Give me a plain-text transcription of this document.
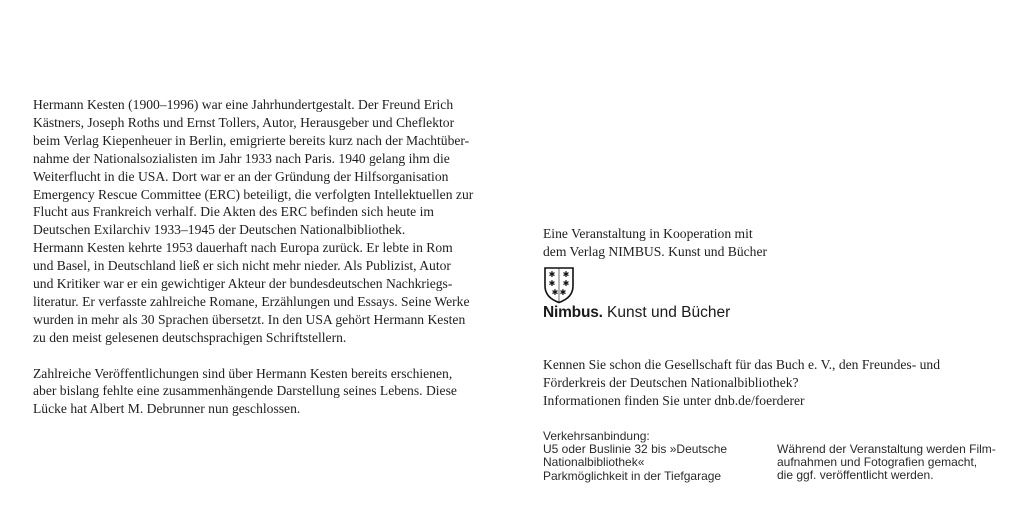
Hermann Kesten (1900–1996) war eine Jahrhundertgestalt. Der Freund Erich
Kästners, Joseph Roths und Ernst Tollers, Autor, Herausgeber und Cheflektor
beim Verlag Kiepenheuer in Berlin, emigrierte bereits kurz nach der Machtüber-
nahme der Nationalsozialisten im Jahr 1933 nach Paris. 1940 gelang ihm die
Weiterflucht in die USA. Dort war er an der Gründung der Hilfsorganisation
Emergency Rescue Committee (ERC) beteiligt, die verfolgten Intellektuellen zur
Flucht aus Frankreich verhalf. Die Akten des ERC befinden sich heute im
Deutschen Exilarchiv 1933–1945 der Deutschen Nationalbibliothek.
Hermann Kesten kehrte 1953 dauerhaft nach Europa zurück. Er lebte in Rom
und Basel, in Deutschland ließ er sich nicht mehr nieder. Als Publizist, Autor
und Kritiker war er ein gewichtiger Akteur der bundesdeutschen Nachkriegs-
literatur. Er verfasste zahlreiche Romane, Erzählungen und Essays. Seine Werke
wurden in mehr als 30 Sprachen übersetzt. In den USA gehört Hermann Kesten
zu den meist gelesenen deutschsprachigen Schriftstellern.
Zahlreiche Veröffentlichungen sind über Hermann Kesten bereits erschienen,
aber bislang fehlte eine zusammenhängende Darstellung seines Lebens. Diese
Lücke hat Albert M. Debrunner nun geschlossen.
Eine Veranstaltung in Kooperation mit
dem Verlag NIMBUS. Kunst und Bücher
✱ ✱
✱ ✱
✱ ✱
Nimbus. Kunst und Bücher
Kennen Sie schon die Gesellschaft für das Buch e. V., den Freundes- und
Förderkreis der Deutschen Nationalbibliothek?
Informationen finden Sie unter dnb.de/foerderer
Verkehrsanbindung:
U5 oder Buslinie 32 bis »Deutsche
Nationalbibliothek«
Parkmöglichkeit in der Tiefgarage
Während der Veranstaltung werden Film-
aufnahmen und Fotografien gemacht,
die ggf. veröffentlicht werden.
